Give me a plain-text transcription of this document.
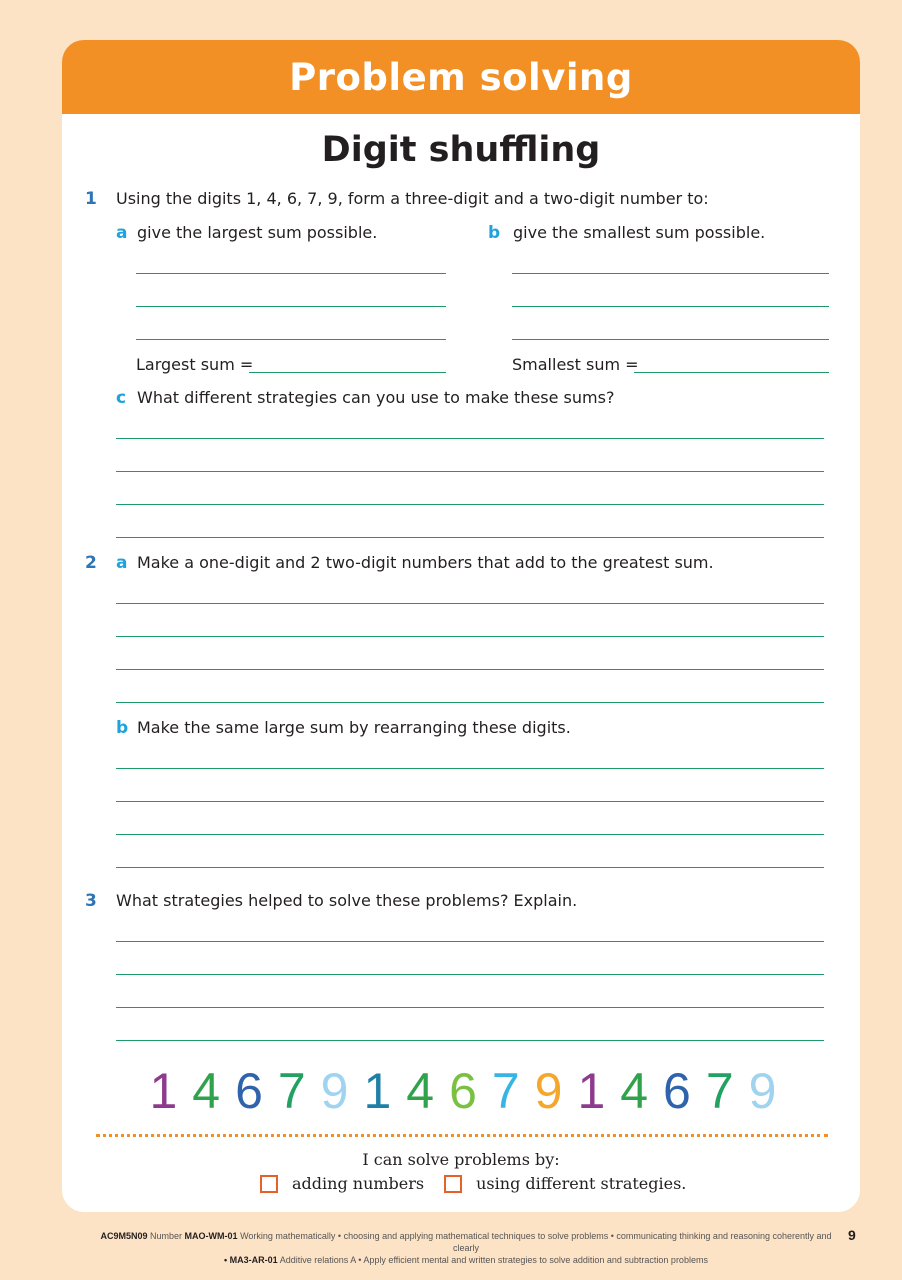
Problem solving
Digit shuffling
1 Using the digits 1, 4, 6, 7, 9, form a three-digit and a two-digit number to:
a give the largest sum possible.	b give the smallest sum possible.
Largest sum =	Smallest sum =
c What different strategies can you use to make these sums?
2 a Make a one-digit and 2 two-digit numbers that add to the greatest sum.
b Make the same large sum by rearranging these digits.
3 What strategies helped to solve these problems? Explain.
1 4 6 7 9 1 4 6 7 9 1 4 6 7 9
I can solve problems by:
adding numbers	using different strategies.
AC9M5N09 Number MAO-WM-01 Working mathematically • choosing and applying mathematical techniques to solve problems • communicating thinking and reasoning coherently and clearly
• MA3-AR-01 Additive relations A • Apply efficient mental and written strategies to solve addition and subtraction problems
9
